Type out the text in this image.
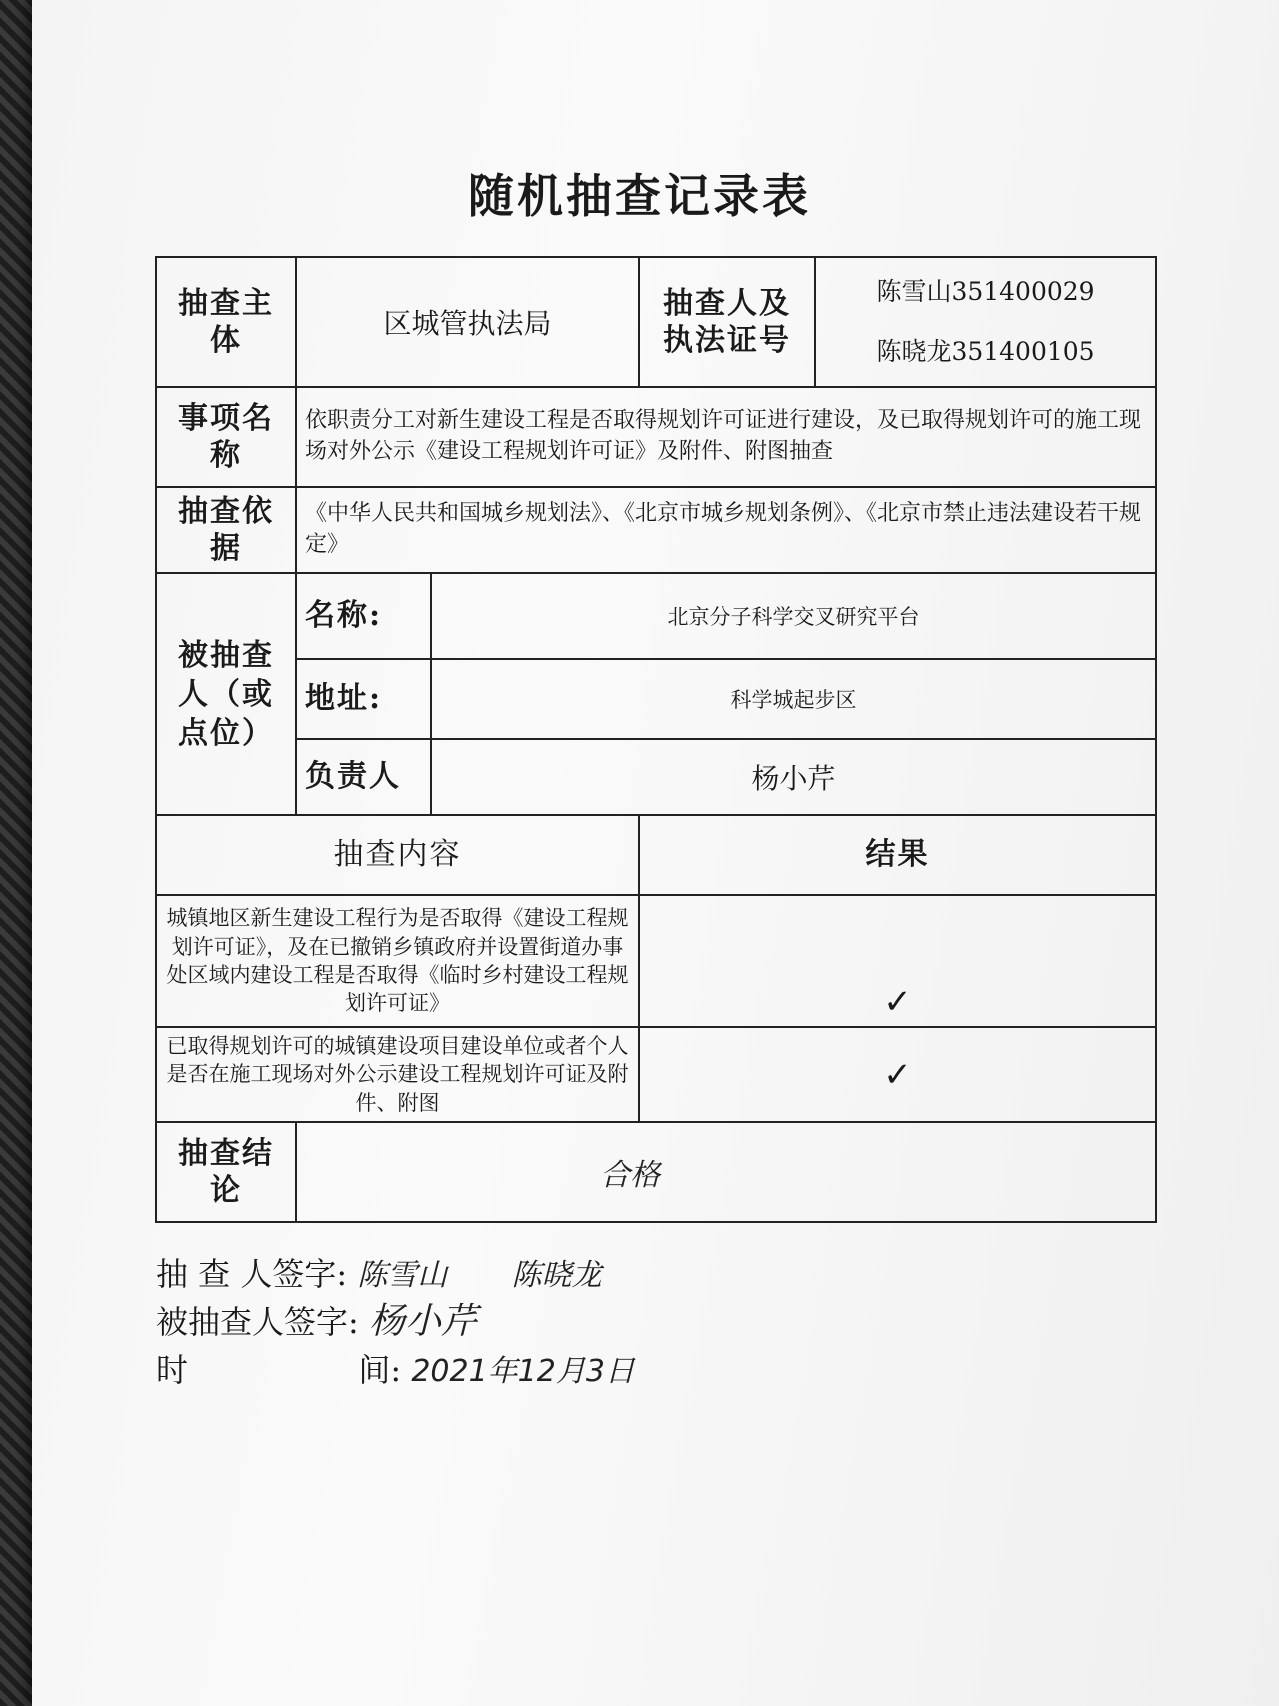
随机抽查记录表
抽查主体	区城管执法局		抽查人及执法证号	陈雪山351400029
陈晓龙351400105

事项名称	依职责分工对新生建设工程是否取得规划许可证进行建设，及已取得规划许可的施工现场对外公示《建设工程规划许可证》及附件、附图抽查			
抽查依据	《中华人民共和国城乡规划法》、《北京市城乡规划条例》、《北京市禁止违法建设若干规定》			
被抽查人（或点位）	名称:	北京分子科学交叉研究平台		
	地址:	科学城起步区		
	负责人	杨小芹		
抽查内容			结果	
城镇地区新生建设工程行为是否取得《建设工程规划许可证》，及在已撤销乡镇政府并设置街道办事处区域内建设工程是否取得《临时乡村建设工程规划许可证》			✓	
已取得规划许可的城镇建设项目建设单位或者个人是否在施工现场对外公示建设工程规划许可证及附件、附图			✓	
抽查结论	合格			
抽 查 人签字: 陈雪山 陈晓龙
被抽查人签字: 杨小芹
时	间: 2021年12月3日
